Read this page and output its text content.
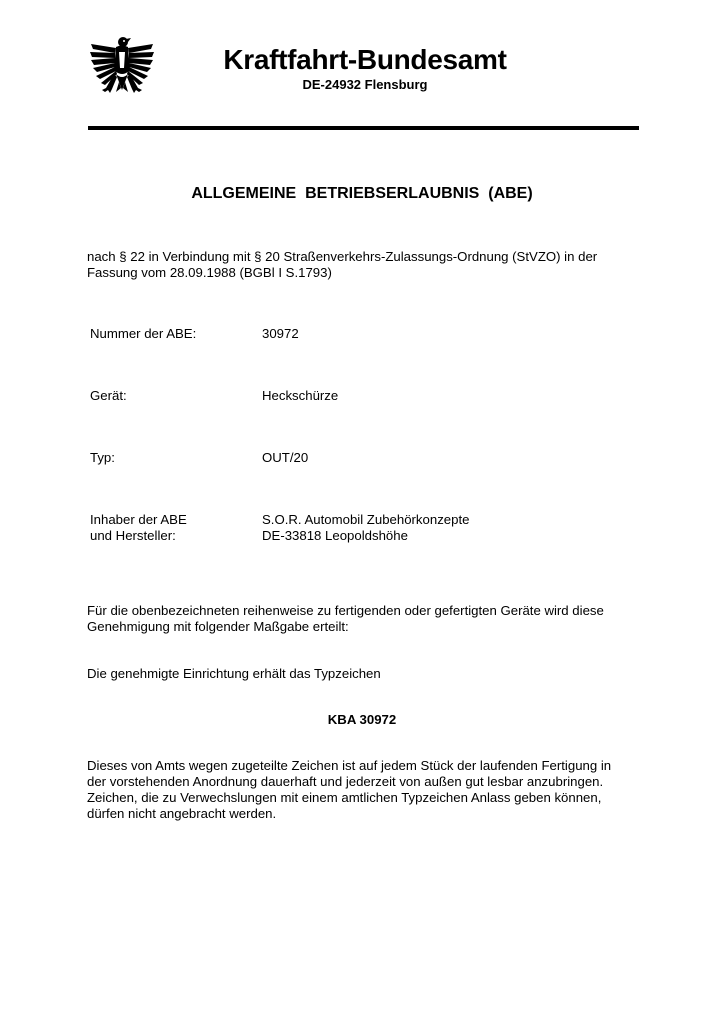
Kraftfahrt-Bundesamt
DE-24932 Flensburg
ALLGEMEINE  BETRIEBSERLAUBNIS  (ABE)
nach § 22 in Verbindung mit § 20 Straßenverkehrs-Zulassungs-Ordnung (StVZO) in der
Fassung vom 28.09.1988 (BGBl I S.1793)
Nummer der ABE:	30972
Gerät:	Heckschürze
Typ:	OUT/20
Inhaber der ABE
und Hersteller:
S.O.R. Automobil Zubehörkonzepte
DE-33818 Leopoldshöhe
Für die obenbezeichneten reihenweise zu fertigenden oder gefertigten Geräte wird diese
Genehmigung mit folgender Maßgabe erteilt:
Die genehmigte Einrichtung erhält das Typzeichen
KBA 30972
Dieses von Amts wegen zugeteilte Zeichen ist auf jedem Stück der laufenden Fertigung in
der vorstehenden Anordnung dauerhaft und jederzeit von außen gut lesbar anzubringen.
Zeichen, die zu Verwechslungen mit einem amtlichen Typzeichen Anlass geben können,
dürfen nicht angebracht werden.
